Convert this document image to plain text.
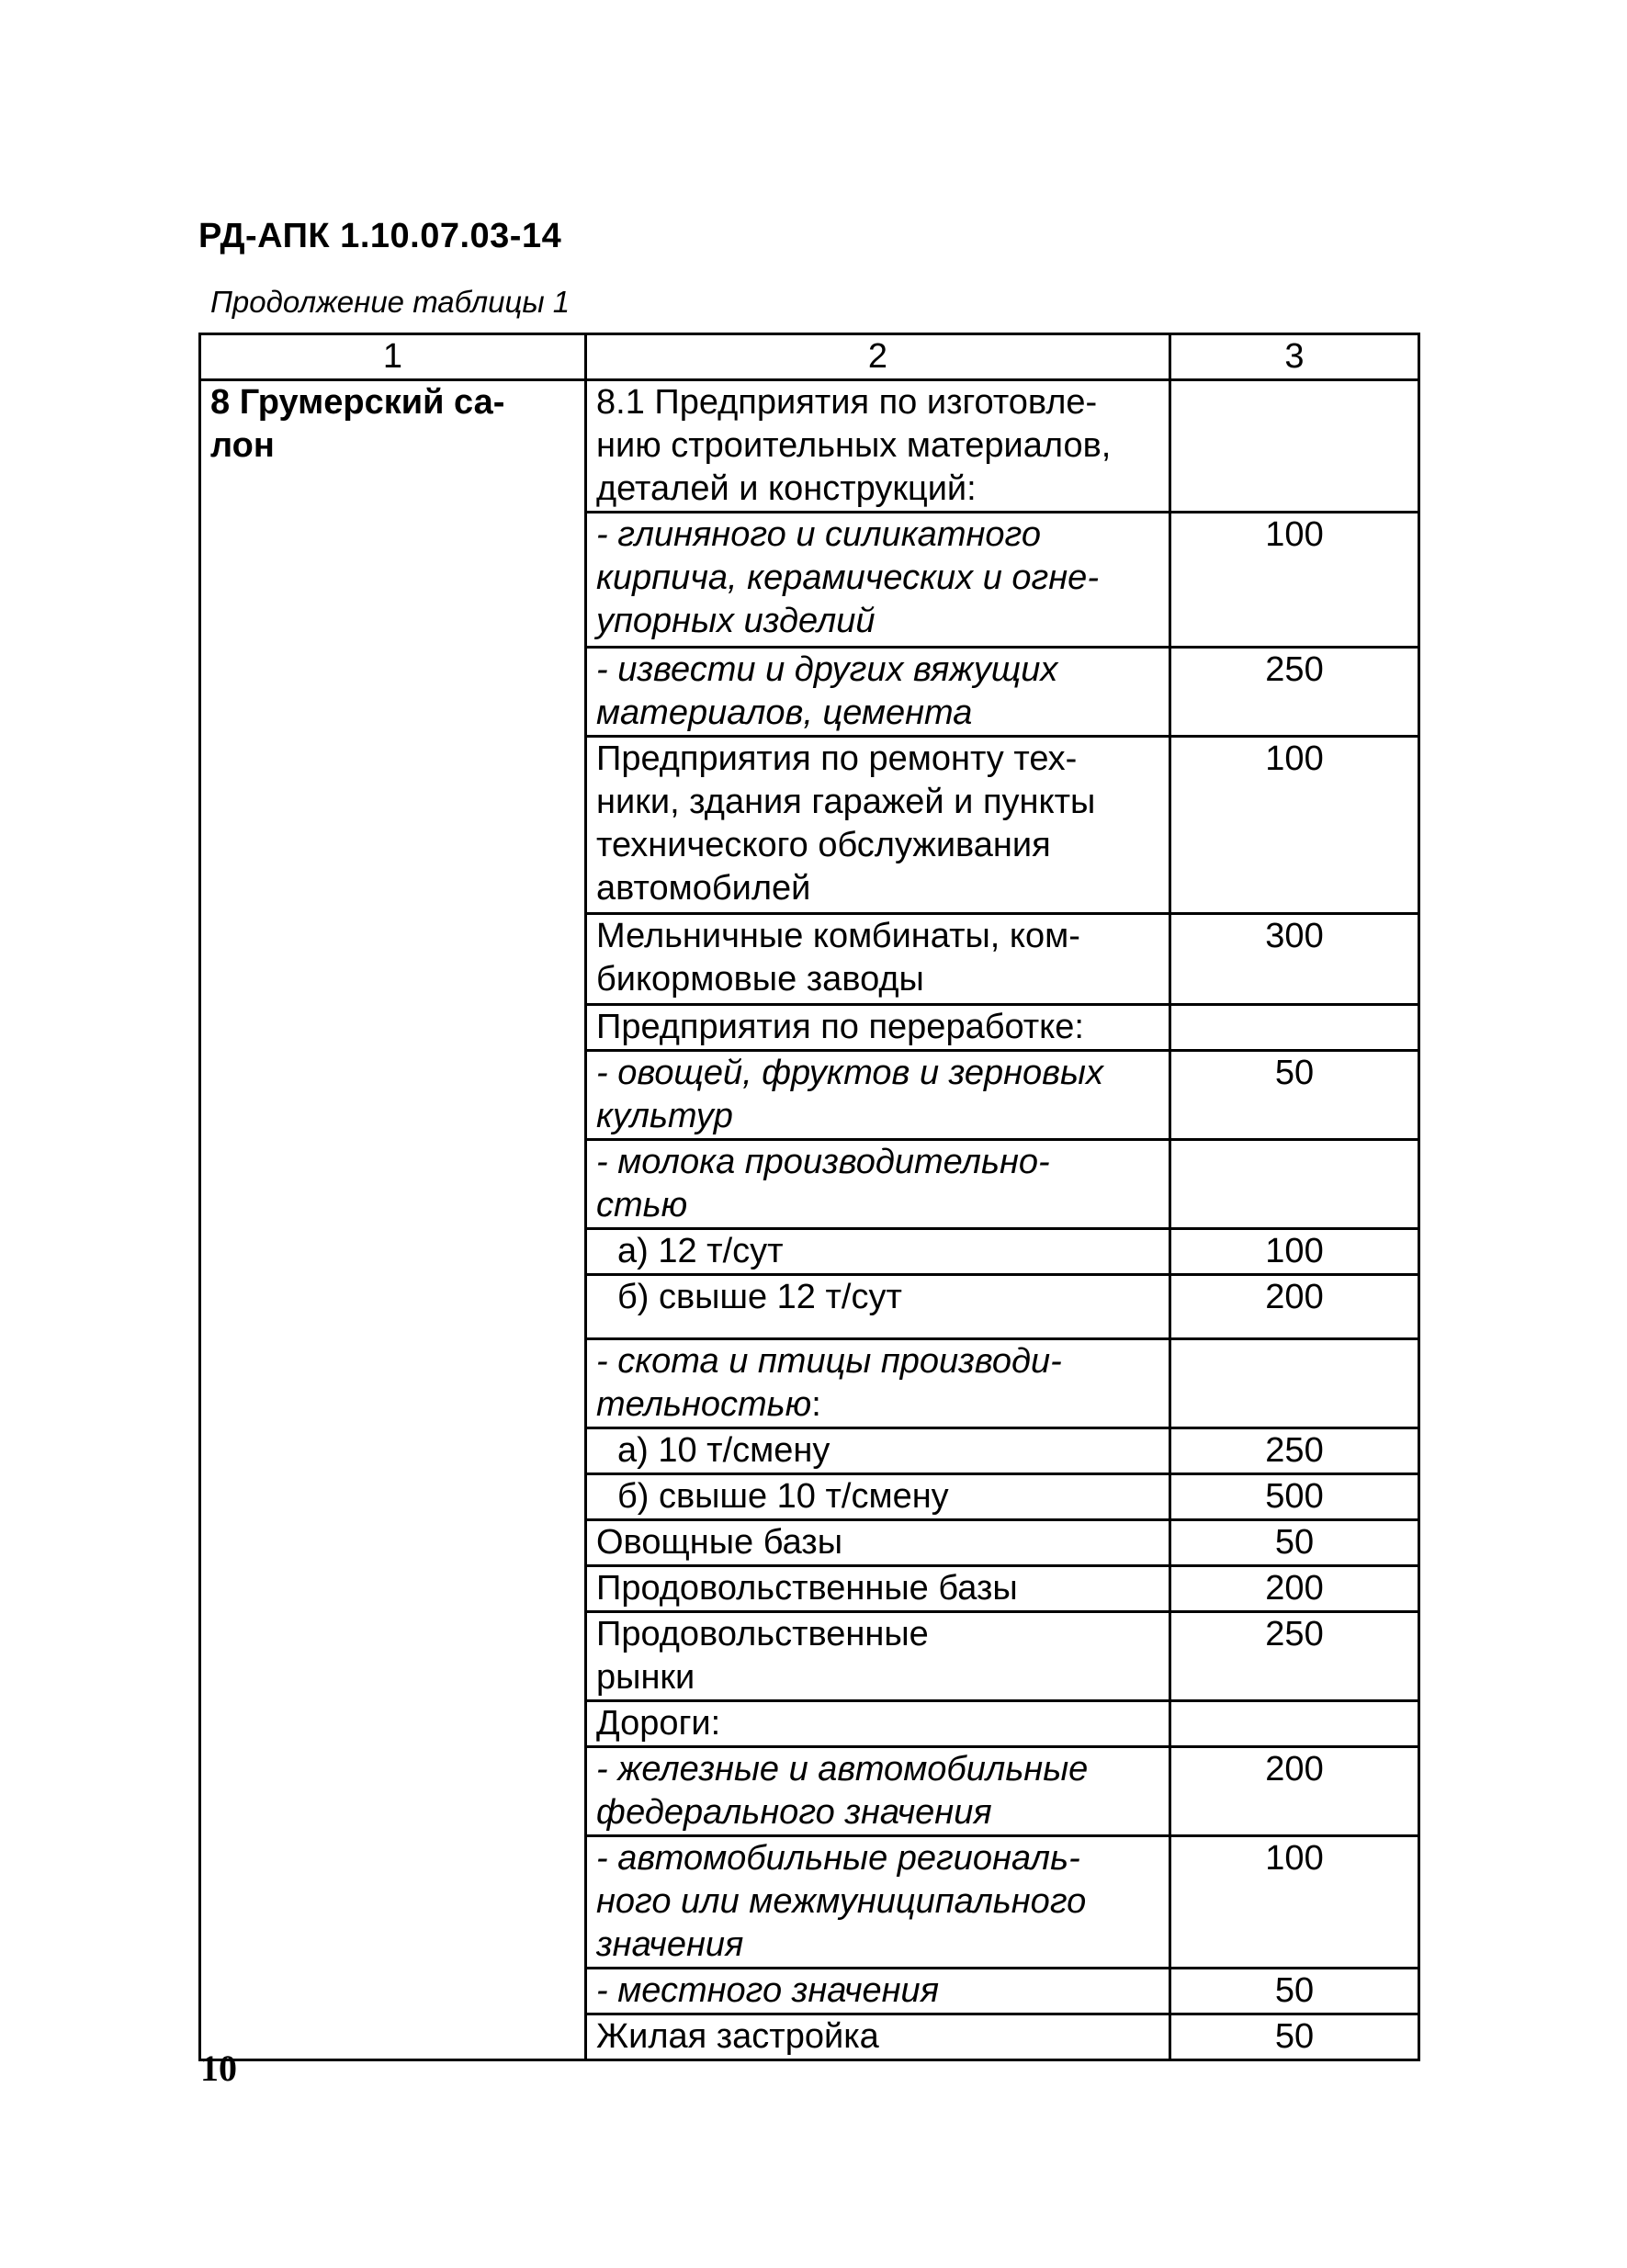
РД-АПК 1.10.07.03-14
Продолжение таблицы 1
1	2	3
8 Грумерский са-
лон	8.1 Предприятия по изготовле-
нию строительных материалов,
деталей и конструкций:	
	- глиняного и силикатного
кирпича, керамических и огне-
упорных изделий	100
	- извести и других вяжущих
материалов, цемента	250
	Предприятия по ремонту тех-
ники, здания гаражей и пункты
технического обслуживания
автомобилей	100
	Мельничные комбинаты, ком-
бикормовые заводы	300
	Предприятия по переработке:	
	- овощей, фруктов и зерновых
культур	50
	- молока производительно-
стью	
	а) 12 т/сут	100
	б) свыше 12 т/сут	200
	- скота и птицы производи-
тельностью:	
	а) 10 т/смену	250
	б) свыше 10 т/смену	500
	Овощные базы	50
	Продовольственные базы	200
	Продовольственные
рынки	250
	Дороги:	
	- железные и автомобильные
федерального значения	200
	- автомобильные региональ-
ного или межмуниципального
значения	100
	- местного значения	50
	Жилая застройка	50
10
